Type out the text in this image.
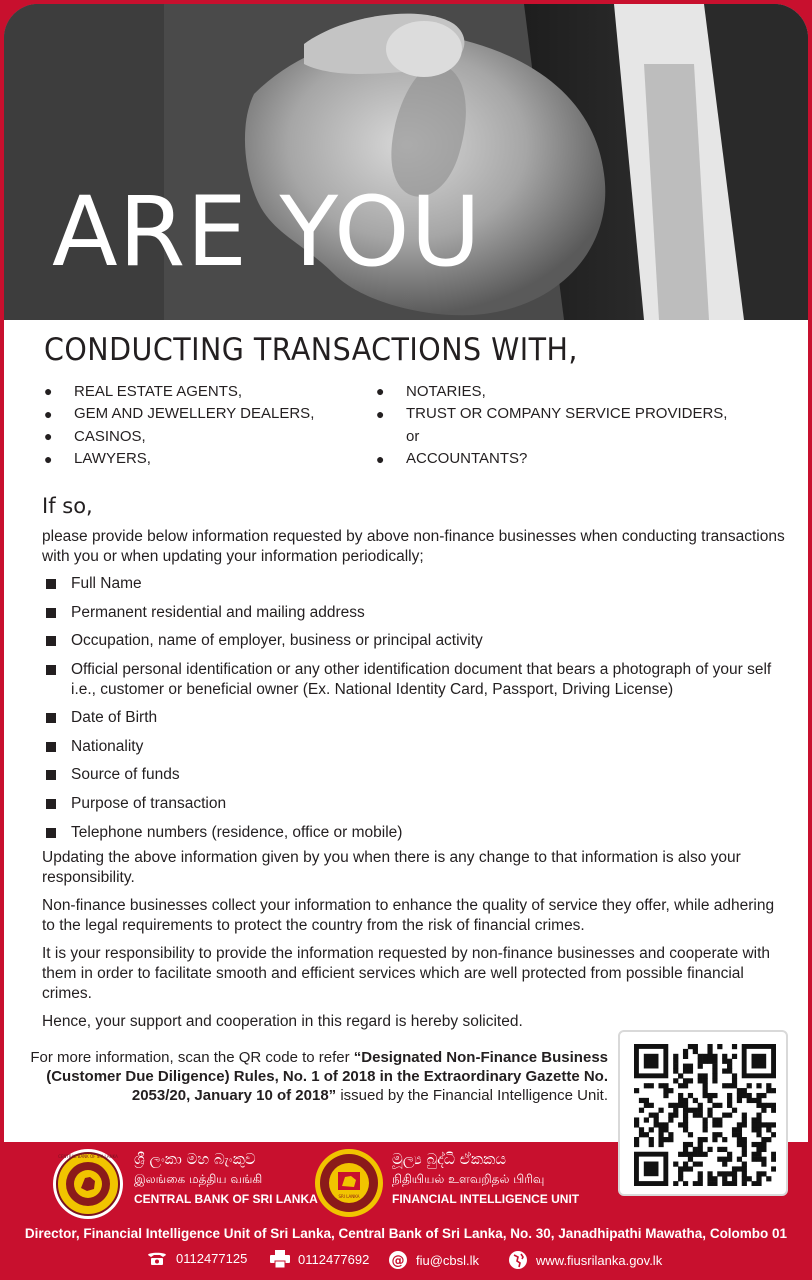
ARE YOU
CONDUCTING TRANSACTIONS WITH,
●	REAL ESTATE AGENTS,
●	GEM AND JEWELLERY DEALERS,
●	CASINOS,
●	LAWYERS,
●	NOTARIES,
●	TRUST OR COMPANY SERVICE PROVIDERS,
or
●	ACCOUNTANTS?
If so,
please provide below information requested by above non-finance businesses when conducting transactions with you or when updating your information periodically;
Full Name
Permanent residential and mailing address
Occupation, name of employer, business or principal activity
Official personal identification or any other identification document that bears a photograph of your self i.e., customer or beneficial owner (Ex. National Identity Card, Passport, Driving License)
Date of Birth
Nationality
Source of funds
Purpose of transaction
Telephone numbers (residence, office or mobile)
Updating the above information given by you when there is any change to that information is also your responsibility.
Non-finance businesses collect your information to enhance the quality of service they offer, while adhering to the legal requirements to protect the country from the risk of financial crimes.
It is your responsibility to provide the information requested by non-finance businesses and cooperate with them in order to facilitate smooth and efficient services which are well protected from possible financial crimes.
Hence, your support and cooperation in this regard is hereby solicited.
For more information, scan the QR code to refer “Designated Non-Finance Business (Customer Due Diligence) Rules, No. 1 of 2018 in the Extraordinary Gazette No. 2053/20, January 10 of 2018” issued by the Financial Intelligence Unit.
CENTRAL BANK OF SRI LANKA ශ්‍රී ලංකා මහ බැංකුව
இலங்கை மத்திய வங்கி
CENTRAL BANK OF SRI LANKA	SRI LANKA
මූල්‍ය බුද්ධි ඒකකය
நிதியியல் உளவறிதல் பிரிவு
FINANCIAL INTELLIGENCE UNIT
Director, Financial Intelligence Unit of Sri Lanka, Central Bank of Sri Lanka, No. 30, Janadhipathi Mawatha, Colombo 01
0112477125	0112477692 @ fiu@cbsl.lk	www.fiusrilanka.gov.lk
